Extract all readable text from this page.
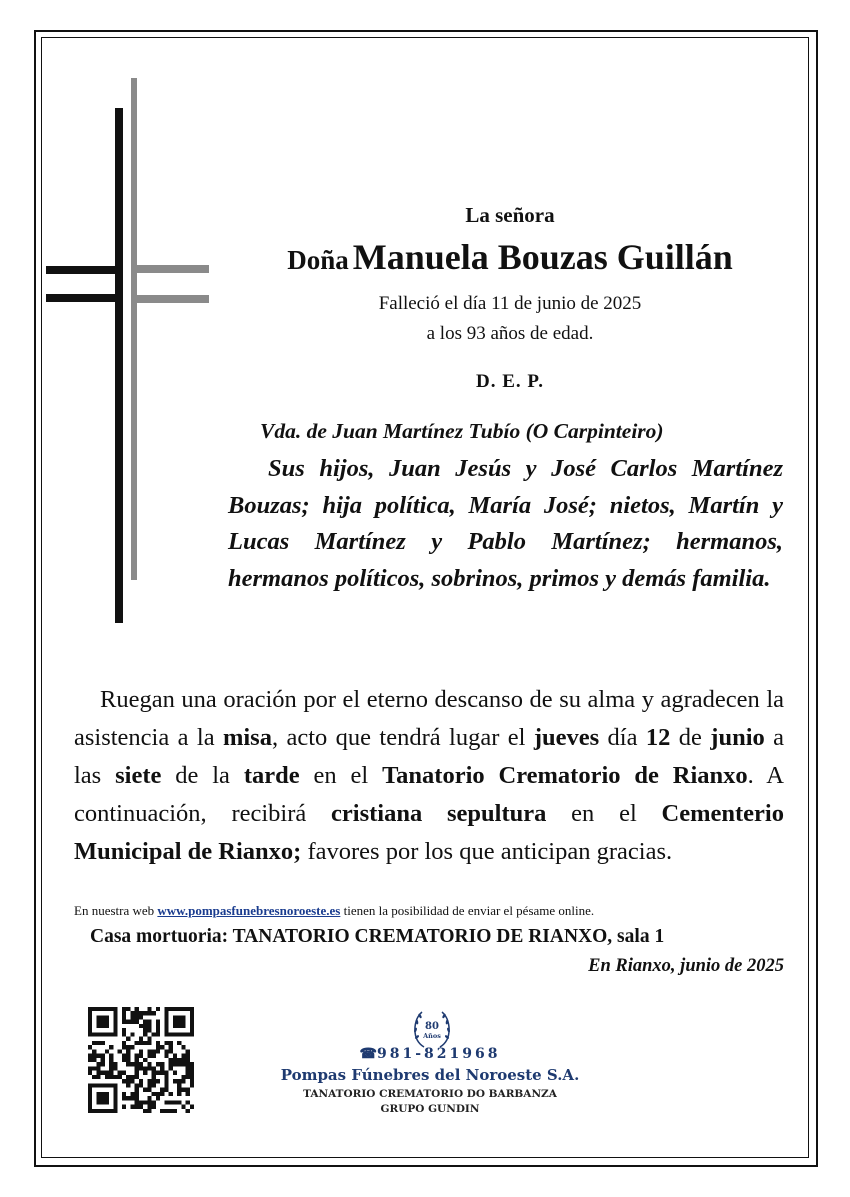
La señora
Doña Manuela Bouzas Guillán
Falleció el día 11 de junio de 2025
a los 93 años de edad.
D. E. P.
Vda. de Juan Martínez Tubío (O Carpinteiro)
Sus hijos, Juan Jesús y José Carlos Martínez Bouzas; hija política, María José; nietos, Martín y Lucas Martínez y Pablo Martínez; hermanos, hermanos políticos, sobrinos, primos y demás familia.
Ruegan una oración por el eterno descanso de su alma y agradecen la asistencia a la misa, acto que tendrá lugar el jueves día 12 de junio a las siete de la tarde en el Tanatorio Crematorio de Rianxo. A continuación, recibirá cristiana sepultura en el Cementerio Municipal de Rianxo; favores por los que anticipan gracias.
En nuestra web www.pompasfunebresnoroeste.es tienen la posibilidad de enviar el pésame online.
Casa mortuoria: TANATORIO CREMATORIO DE RIANXO, sala 1
En Rianxo, junio de 2025
80
Años
☎981-821968
Pompas Fúnebres del Noroeste S.A.
TANATORIO CREMATORIO DO BARBANZA
GRUPO GUNDIN
